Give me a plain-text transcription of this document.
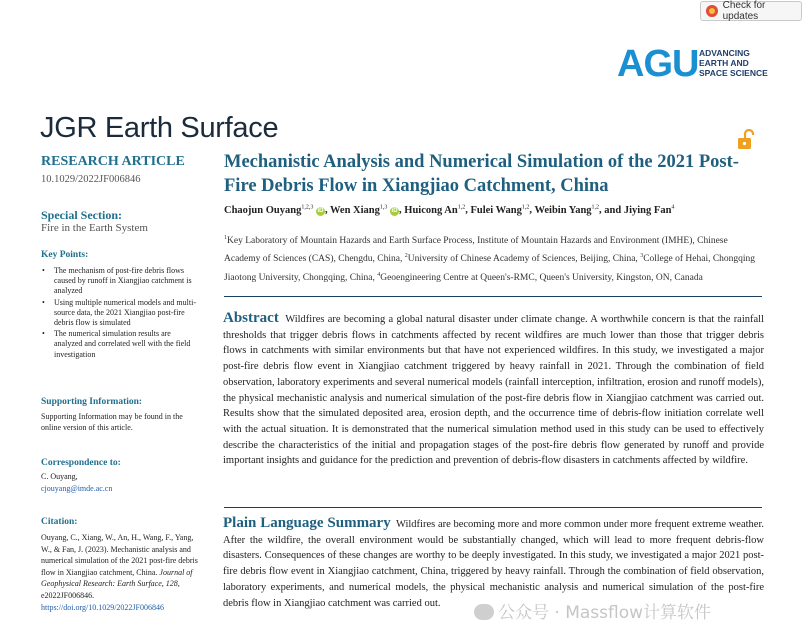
Check for updates
AGU ADVANCING
EARTH AND
SPACE SCIENCE
JGR Earth Surface
RESEARCH ARTICLE
10.1029/2022JF006846
Special Section:
Fire in the Earth System
Key Points:
• The mechanism of post-fire debris flows caused by runoff in Xiangjiao catchment is analyzed
• Using multiple numerical models and multi-source data, the 2021 Xiangjiao post-fire debris flow is simulated
• The numerical simulation results are analyzed and correlated well with the field investigation
Supporting Information:
Supporting Information may be found in the online version of this article.
Correspondence to:
C. Ouyang,
cjouyang@imde.ac.cn
Citation:
Ouyang, C., Xiang, W., An, H., Wang, F., Yang, W., & Fan, J. (2023). Mechanistic analysis and numerical simulation of the 2021 post-fire debris flow in Xiangjiao catchment, China. Journal of Geophysical Research: Earth Surface, 128, e2022JF006846. https://doi.org/10.1029/2022JF006846
Mechanistic Analysis and Numerical Simulation of the 2021 Post-Fire Debris Flow in Xiangjiao Catchment, China
Chaojun Ouyang$^{1,2,3}$ iD , Wen Xiang$^{1,3}$ iD , Huicong An$^{1,2}$, Fulei Wang$^{1,2}$, Weibin Yang$^{1,2}$, and Jiying Fan$^4$
$^1$Key Laboratory of Mountain Hazards and Earth Surface Process, Institute of Mountain Hazards and Environment (IMHE), Chinese Academy of Sciences (CAS), Chengdu, China, $^2$University of Chinese Academy of Sciences, Beijing, China, $^3$College of Hehai, Chongqing Jiaotong University, Chongqing, China, $^4$Geoengineering Centre at Queen's-RMC, Queen's University, Kingston, ON, Canada
Abstract Wildfires are becoming a global natural disaster under climate change. A worthwhile concern is that the rainfall thresholds that trigger debris flows in catchments affected by recent wildfires are much lower than those that trigger debris flows in catchments with similar environments but that have not experienced wildfires. In this study, we investigated a major post-fire debris flow event in Xiangjiao catchment triggered by heavy rainfall in 2021. Through the combination of field observation, laboratory experiments and several numerical models (rainfall interception, infiltration, erosion and runoff models), the physical mechanistic analysis and numerical simulation of the post-fire debris flow in Xiangjiao catchment was carried out. Results show that the simulated deposited area, erosion depth, and the occurrence time of debris-flow initiation correlate well with the actual situation. It is demonstrated that the numerical simulation method used in this study can be used to effectively describe the characteristics of the initial and propagation stages of the post-fire debris flow generated by runoff and provide important insights and guidance for the prediction and prevention of debris-flow disasters in catchments affected by wildfire.
Plain Language Summary Wildfires are becoming more and more common under more frequent extreme weather. After the wildfire, the overall environment would be substantially changed, which will lead to more frequent debris-flow disasters. Consequences of these changes are worthy to be deeply investigated. In this study, we investigated a major 2021 post-fire debris flow event in Xiangjiao catchment, China, triggered by heavy rainfall. Through the combination of field observation, laboratory experiments, and numerical models, the physical mechanistic analysis and numerical simulation of the post-fire debris flow in Xiangjiao catchment was carried out.	公众号 · Massflow计算软件
